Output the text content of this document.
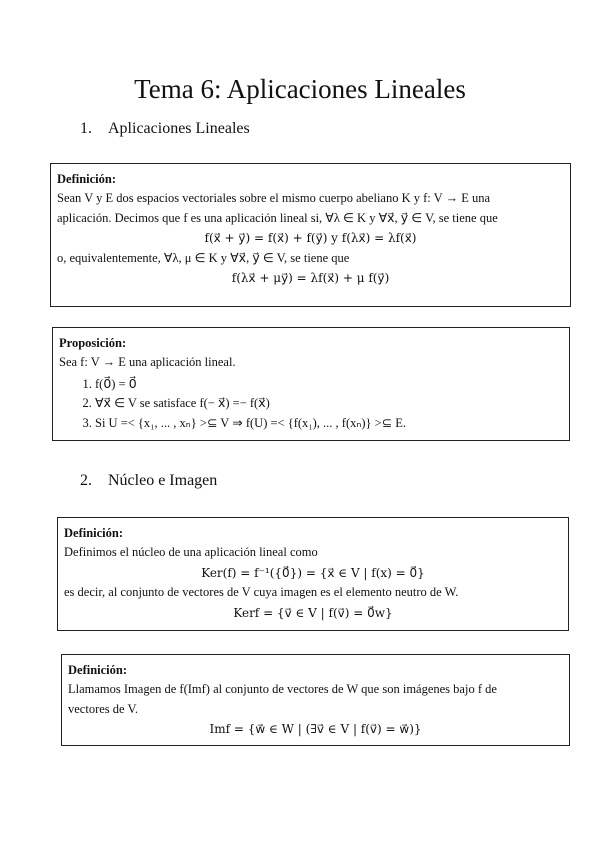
Tema 6: Aplicaciones Lineales
1. Aplicaciones Lineales
Definición:
Sean V y E dos espacios vectoriales sobre el mismo cuerpo abeliano K y f: V → E una
aplicación. Decimos que f es una aplicación lineal si, ∀λ ∈ K y ∀x⃗, y⃗ ∈ V, se tiene que
f(x⃗ + y⃗) = f(x⃗) + f(y⃗) y f(λx⃗) = λf(x⃗)
o, equivalentemente, ∀λ, μ ∈ K y ∀x⃗, y⃗ ∈ V, se tiene que
f(λx⃗ + μy⃗) = λf(x⃗) + μ f(y⃗)
Proposición:
Sea f: V → E una aplicación lineal.
1. f(0⃗) = 0⃗
2. ∀x⃗ ∈ V se satisface f(− x⃗) =− f(x⃗)
3. Si U =< {x₁, ... , xₙ} >⊆ V ⇒ f(U) =< {f(x₁), ... , f(xₙ)} >⊆ E.
2. Núcleo e Imagen
Definición:
Definimos el núcleo de una aplicación lineal como
Ker(f) = f⁻¹({0⃗}) = {x⃗ ∈ V | f(x) = 0⃗}
es decir, al conjunto de vectores de V cuya imagen es el elemento neutro de W.
Kerf = {v⃗ ∈ V | f(v⃗) = 0⃗w}
Definición:
Llamamos Imagen de f(Imf) al conjunto de vectores de W que son imágenes bajo f de
vectores de V.
Imf = {w⃗ ∈ W | (∃v⃗ ∈ V | f(v⃗) = w⃗)}
